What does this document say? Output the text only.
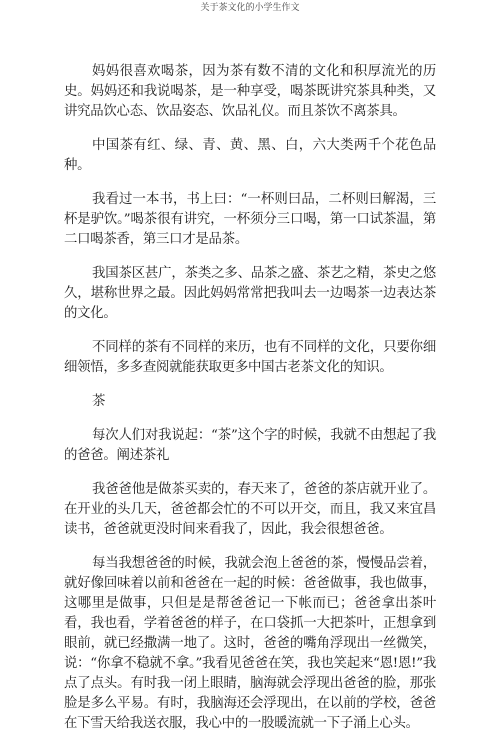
关于茶文化的小学生作文

妈妈很喜欢喝茶，因为茶有数不清的文化和积厚流光的历史。妈妈还和我说喝茶，是一种享受，喝茶既讲究茶具种类，又讲究品饮心态、饮品姿态、饮品礼仪。而且茶饮不离茶具。

中国茶有红、绿、青、黄、黑、白，六大类两千个花色品种。

我看过一本书，书上曰：“一杯则曰品，二杯则曰解渴，三杯是驴饮。”喝茶很有讲究，一杯须分三口喝，第一口试茶温，第二口喝茶香，第三口才是品茶。

我国茶区甚广，茶类之多、品茶之盛、茶艺之精，茶史之悠久，堪称世界之最。因此妈妈常常把我叫去一边喝茶一边表达茶的文化。

不同样的茶有不同样的来历，也有不同样的文化，只要你细细领悟，多多查阅就能获取更多中国古老茶文化的知识。

茶

每次人们对我说起：“茶”这个字的时候，我就不由想起了我的爸爸。阐述茶礼

我爸爸他是做茶买卖的，春天来了，爸爸的茶店就开业了。在开业的头几天，爸爸都会忙的不可以开交，而且，我又来宜昌读书，爸爸就更没时间来看我了，因此，我会很想爸爸。

每当我想爸爸的时候，我就会泡上爸爸的茶，慢慢品尝着，就好像回味着以前和爸爸在一起的时候：爸爸做事，我也做事，这哪里是做事，只但是是帮爸爸记一下帐而已；爸爸拿出茶叶看，我也看，学着爸爸的样子，在口袋抓一大把茶叶，正想拿到眼前，就已经撒满一地了。这时，爸爸的嘴角浮现出一丝微笑，说：“你拿不稳就不拿。”我看见爸爸在笑，我也笑起来“恩!恩!”我点了点头。有时我一闭上眼睛，脑海就会浮现出爸爸的脸，那张脸是多么平易。有时，我脑海还会浮现出，在以前的学校，爸爸在下雪天给我送衣服，我心中的一股暖流就一下子涌上心头。
